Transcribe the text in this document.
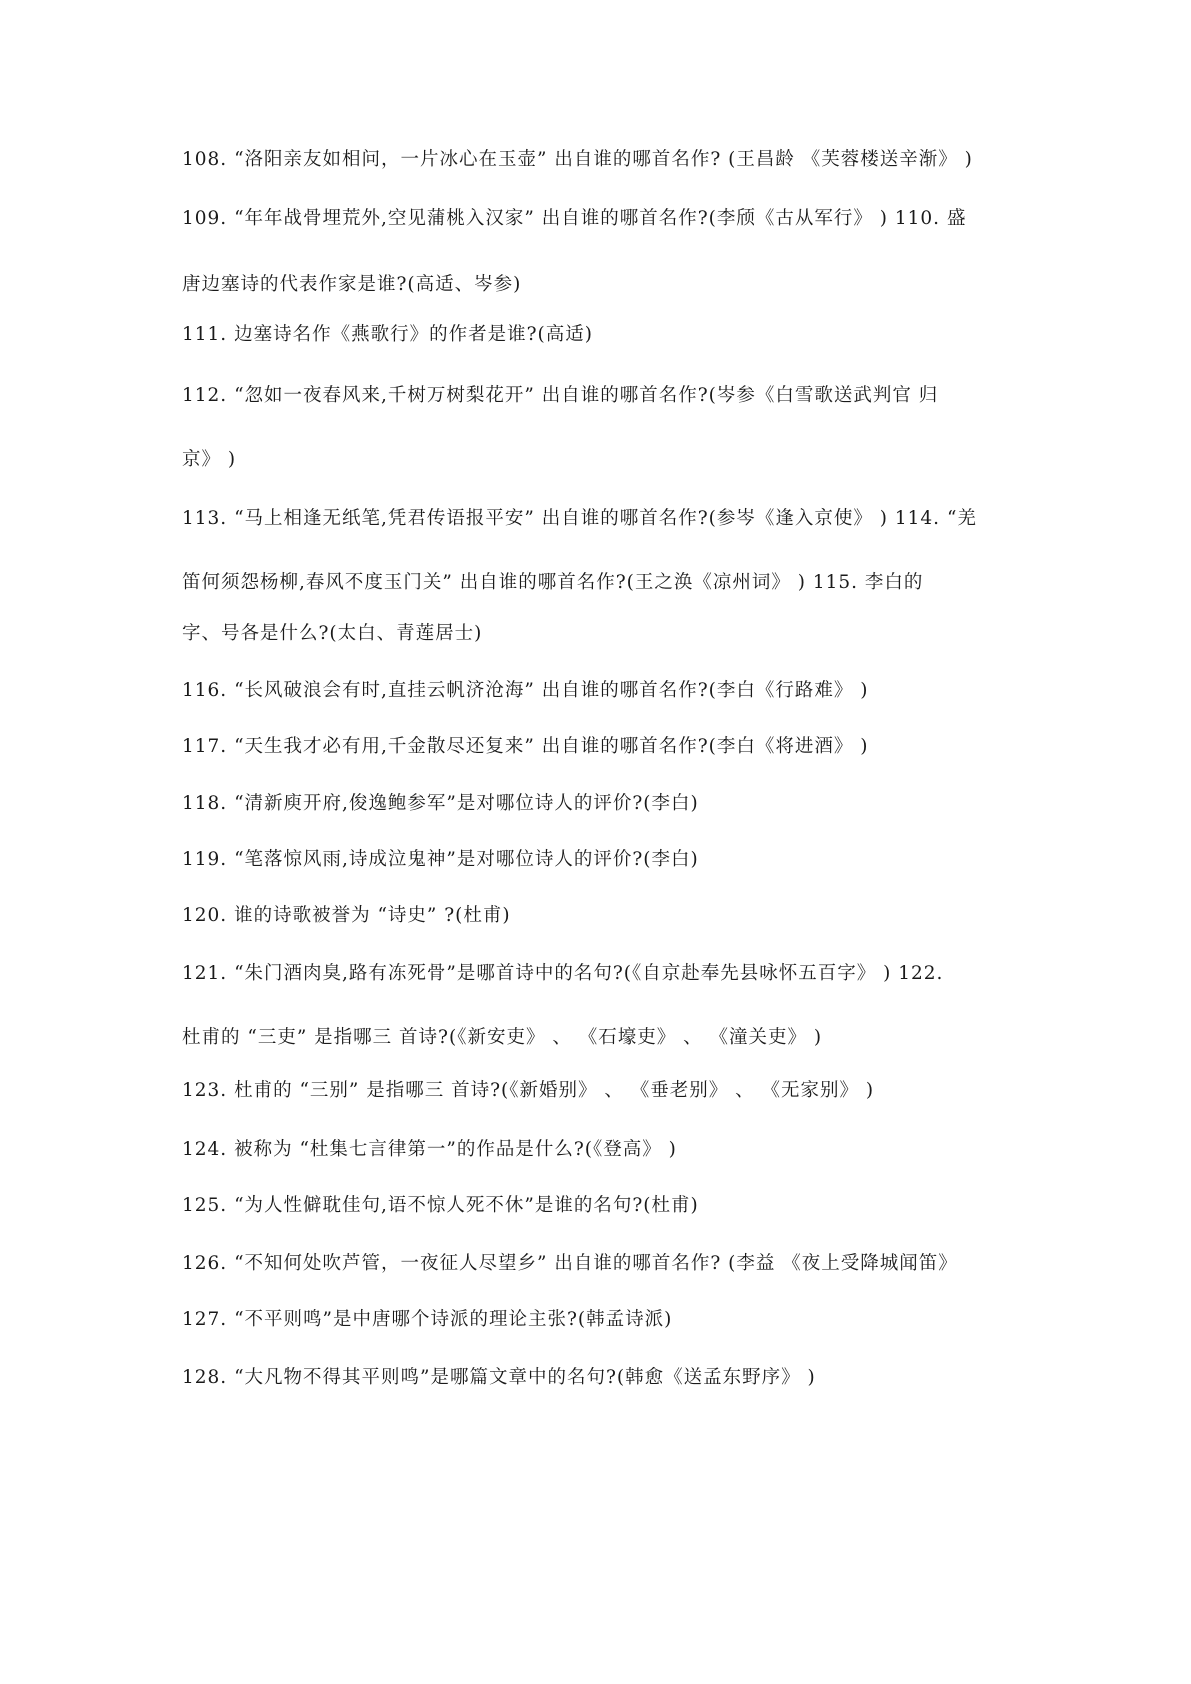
108. “洛阳亲友如相问，一片冰心在玉壶” 出自谁的哪首名作? (王昌龄 《芙蓉楼送辛渐》 )
109. “年年战骨埋荒外,空见蒲桃入汉家” 出自谁的哪首名作?(李颀《古从军行》 ) 110. 盛
唐边塞诗的代表作家是谁?(高适、岑参)
111. 边塞诗名作《燕歌行》的作者是谁?(高适)
112. “忽如一夜春风来,千树万树梨花开” 出自谁的哪首名作?(岑参《白雪歌送武判官 归
京》 )
113. “马上相逢无纸笔,凭君传语报平安” 出自谁的哪首名作?(参岑《逢入京使》 ) 114. “羌
笛何须怨杨柳,春风不度玉门关” 出自谁的哪首名作?(王之涣《凉州词》 ) 115. 李白的
字、号各是什么?(太白、青莲居士)
116. “长风破浪会有时,直挂云帆济沧海” 出自谁的哪首名作?(李白《行路难》 )
117. “天生我才必有用,千金散尽还复来” 出自谁的哪首名作?(李白《将进酒》 )
118. “清新庾开府,俊逸鲍参军”是对哪位诗人的评价?(李白)
119. “笔落惊风雨,诗成泣鬼神”是对哪位诗人的评价?(李白)
120. 谁的诗歌被誉为 “诗史” ?(杜甫)
121. “朱门酒肉臭,路有冻死骨”是哪首诗中的名句?(《自京赴奉先县咏怀五百字》 ) 122.
杜甫的 “三吏” 是指哪三 首诗?(《新安吏》 、 《石壕吏》 、 《潼关吏》 )
123. 杜甫的 “三别” 是指哪三 首诗?(《新婚别》 、 《垂老别》 、 《无家别》 )
124. 被称为 “杜集七言律第一”的作品是什么?(《登高》 )
125. “为人性僻耽佳句,语不惊人死不休”是谁的名句?(杜甫)
126. “不知何处吹芦管，一夜征人尽望乡” 出自谁的哪首名作? (李益 《夜上受降城闻笛》
127. “不平则鸣”是中唐哪个诗派的理论主张?(韩孟诗派)
128. “大凡物不得其平则鸣”是哪篇文章中的名句?(韩愈《送孟东野序》 )
